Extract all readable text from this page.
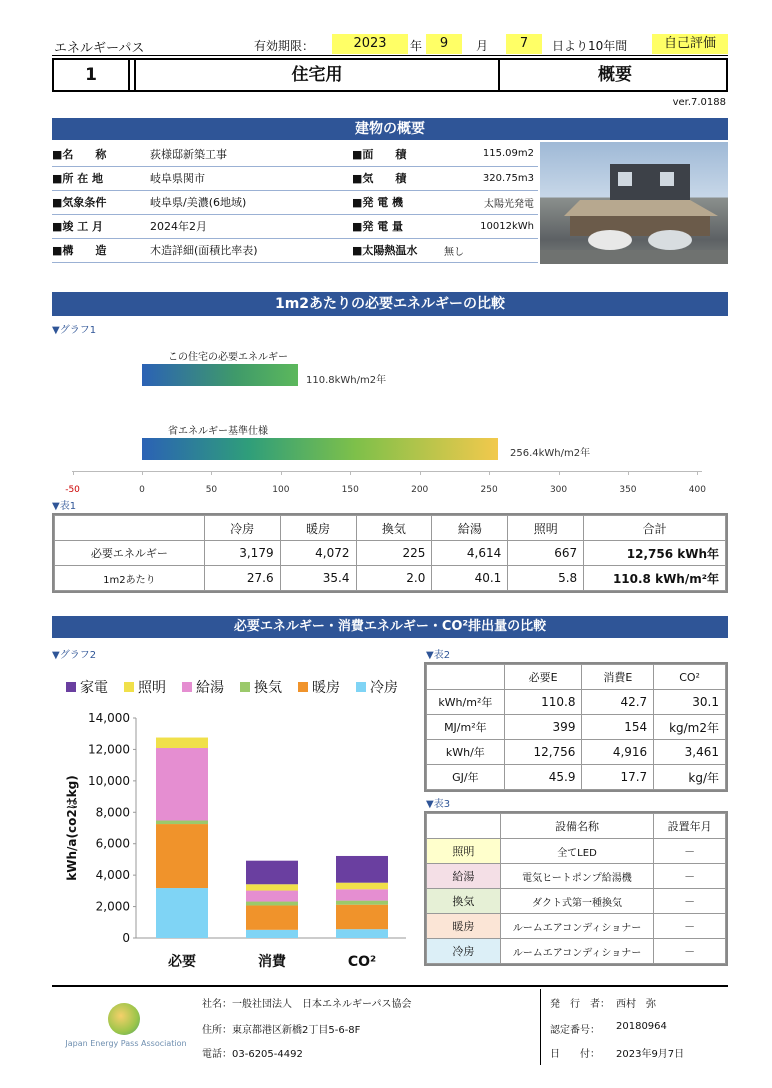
エネルギーパス	有効期限：	2023	年	9	月	7	日より10年間	自己評価
1	住宅用	概要
ver.7.0188
建物の概要
■名　　称	荻様邸新築工事	■面　　積	115.09m2
■所 在 地	岐阜県関市	■気　　積	320.75m3
■気象条件	岐阜県/美濃(6地域)	■発 電 機	太陽光発電
■竣 工 月	2024年2月	■発 電 量	10012kWh
■構　　造	木造詳細(面積比率表)	■太陽熱温水	無し
1m2あたりの必要エネルギーの比較
▼グラフ1
この住宅の必要エネルギー
110.8kWh/m2年
省エネルギー基準仕様
256.4kWh/m2年
-50	0	50	100	150	200	250	300	350	400
▼表1
	冷房	暖房	換気	給湯	照明	合計
必要エネルギー	3,179	4,072	225	4,614	667	12,756 kWh年
1m2あたり	27.6	35.4	2.0	40.1	5.8	110.8 kWh/m²年
必要エネルギー・消費エネルギー・CO²排出量の比較
▼グラフ2
家電 照明 給湯 換気 暖房 冷房
0
2,000
4,000
6,000
8,000
10,000
12,000
14,000
kWh/a(co2はkg)
必要	消費	CO²
▼表2
	必要E	消費E	CO²
kWh/m²年	110.8	42.7	30.1
MJ/m²年	399	154	kg/m2年
kWh/年	12,756	4,916	3,461
GJ/年	45.9	17.7	kg/年
▼表3
	設備名称	設置年月
照明	全てLED	－
給湯	電気ヒートポンプ給湯機	－
換気	ダクト式第一種換気	－
暖房	ルームエアコンディショナー	－
冷房	ルームエアコンディショナー	－
Japan Energy Pass Association
社名：一般社団法人　日本エネルギーパス協会
住所：東京都港区新橋2丁目5-6-8F
電話：03-6205-4492
発　行　者： 西村　弥
認定番号： 20180964
日　　付： 2023年9月7日
